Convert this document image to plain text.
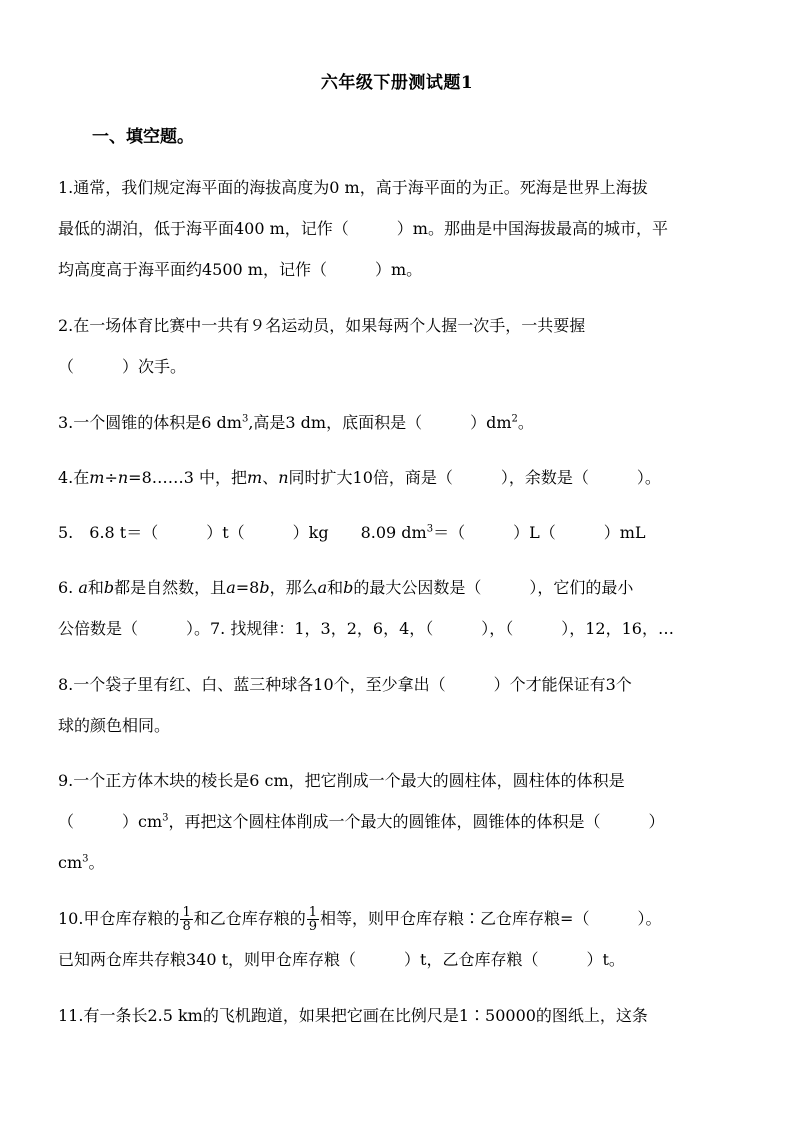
六年级下册测试题1
一、填空题。
1.通常，我们规定海平面的海拔高度为0 m，高于海平面的为正。死海是世界上海拔
最低的湖泊，低于海平面400 m，记作（　　　）m。那曲是中国海拔最高的城市，平
均高度高于海平面约4500 m，记作（　　　）m。
2.在一场体育比赛中一共有９名运动员，如果每两个人握一次手，一共要握
（　　　）次手。
3.一个圆锥的体积是6 $dm^3$,高是3 dm，底面积是（　　　）$dm^2$。
4.在m÷n=8……3 中，把m、n同时扩大10倍，商是（　　　），余数是（　　　）。
5.　6.8 t＝（　　　）t（　　　）kg　　8.09 $dm^3=$（　　　）L（　　　）mL
6. a和b都是自然数，且a=8b，那么a和b的最大公因数是（　　　），它们的最小
公倍数是（　　　）。7. 找规律：1，3，2，6，4，（　　　），（　　　），12，16，…
8.一个袋子里有红、白、蓝三种球各10个，至少拿出（　　　）个才能保证有3个
球的颜色相同。
9.一个正方体木块的棱长是6 cm，把它削成一个最大的圆柱体，圆柱体的体积是
（　　　）$cm^3$，再把这个圆柱体削成一个最大的圆锥体，圆锥体的体积是（　　　）
$cm^3$。
10.甲仓库存粮的 $\frac{1}{8}$ 和乙仓库存粮的 $\frac{1}{9}$ 相等，则甲仓库存粮∶乙仓库存粮=（　　　）。
已知两仓库共存粮340 t，则甲仓库存粮（　　　）t，乙仓库存粮（　　　）t。
11.有一条长2.5 km的飞机跑道，如果把它画在比例尺是1∶50000的图纸上，这条
